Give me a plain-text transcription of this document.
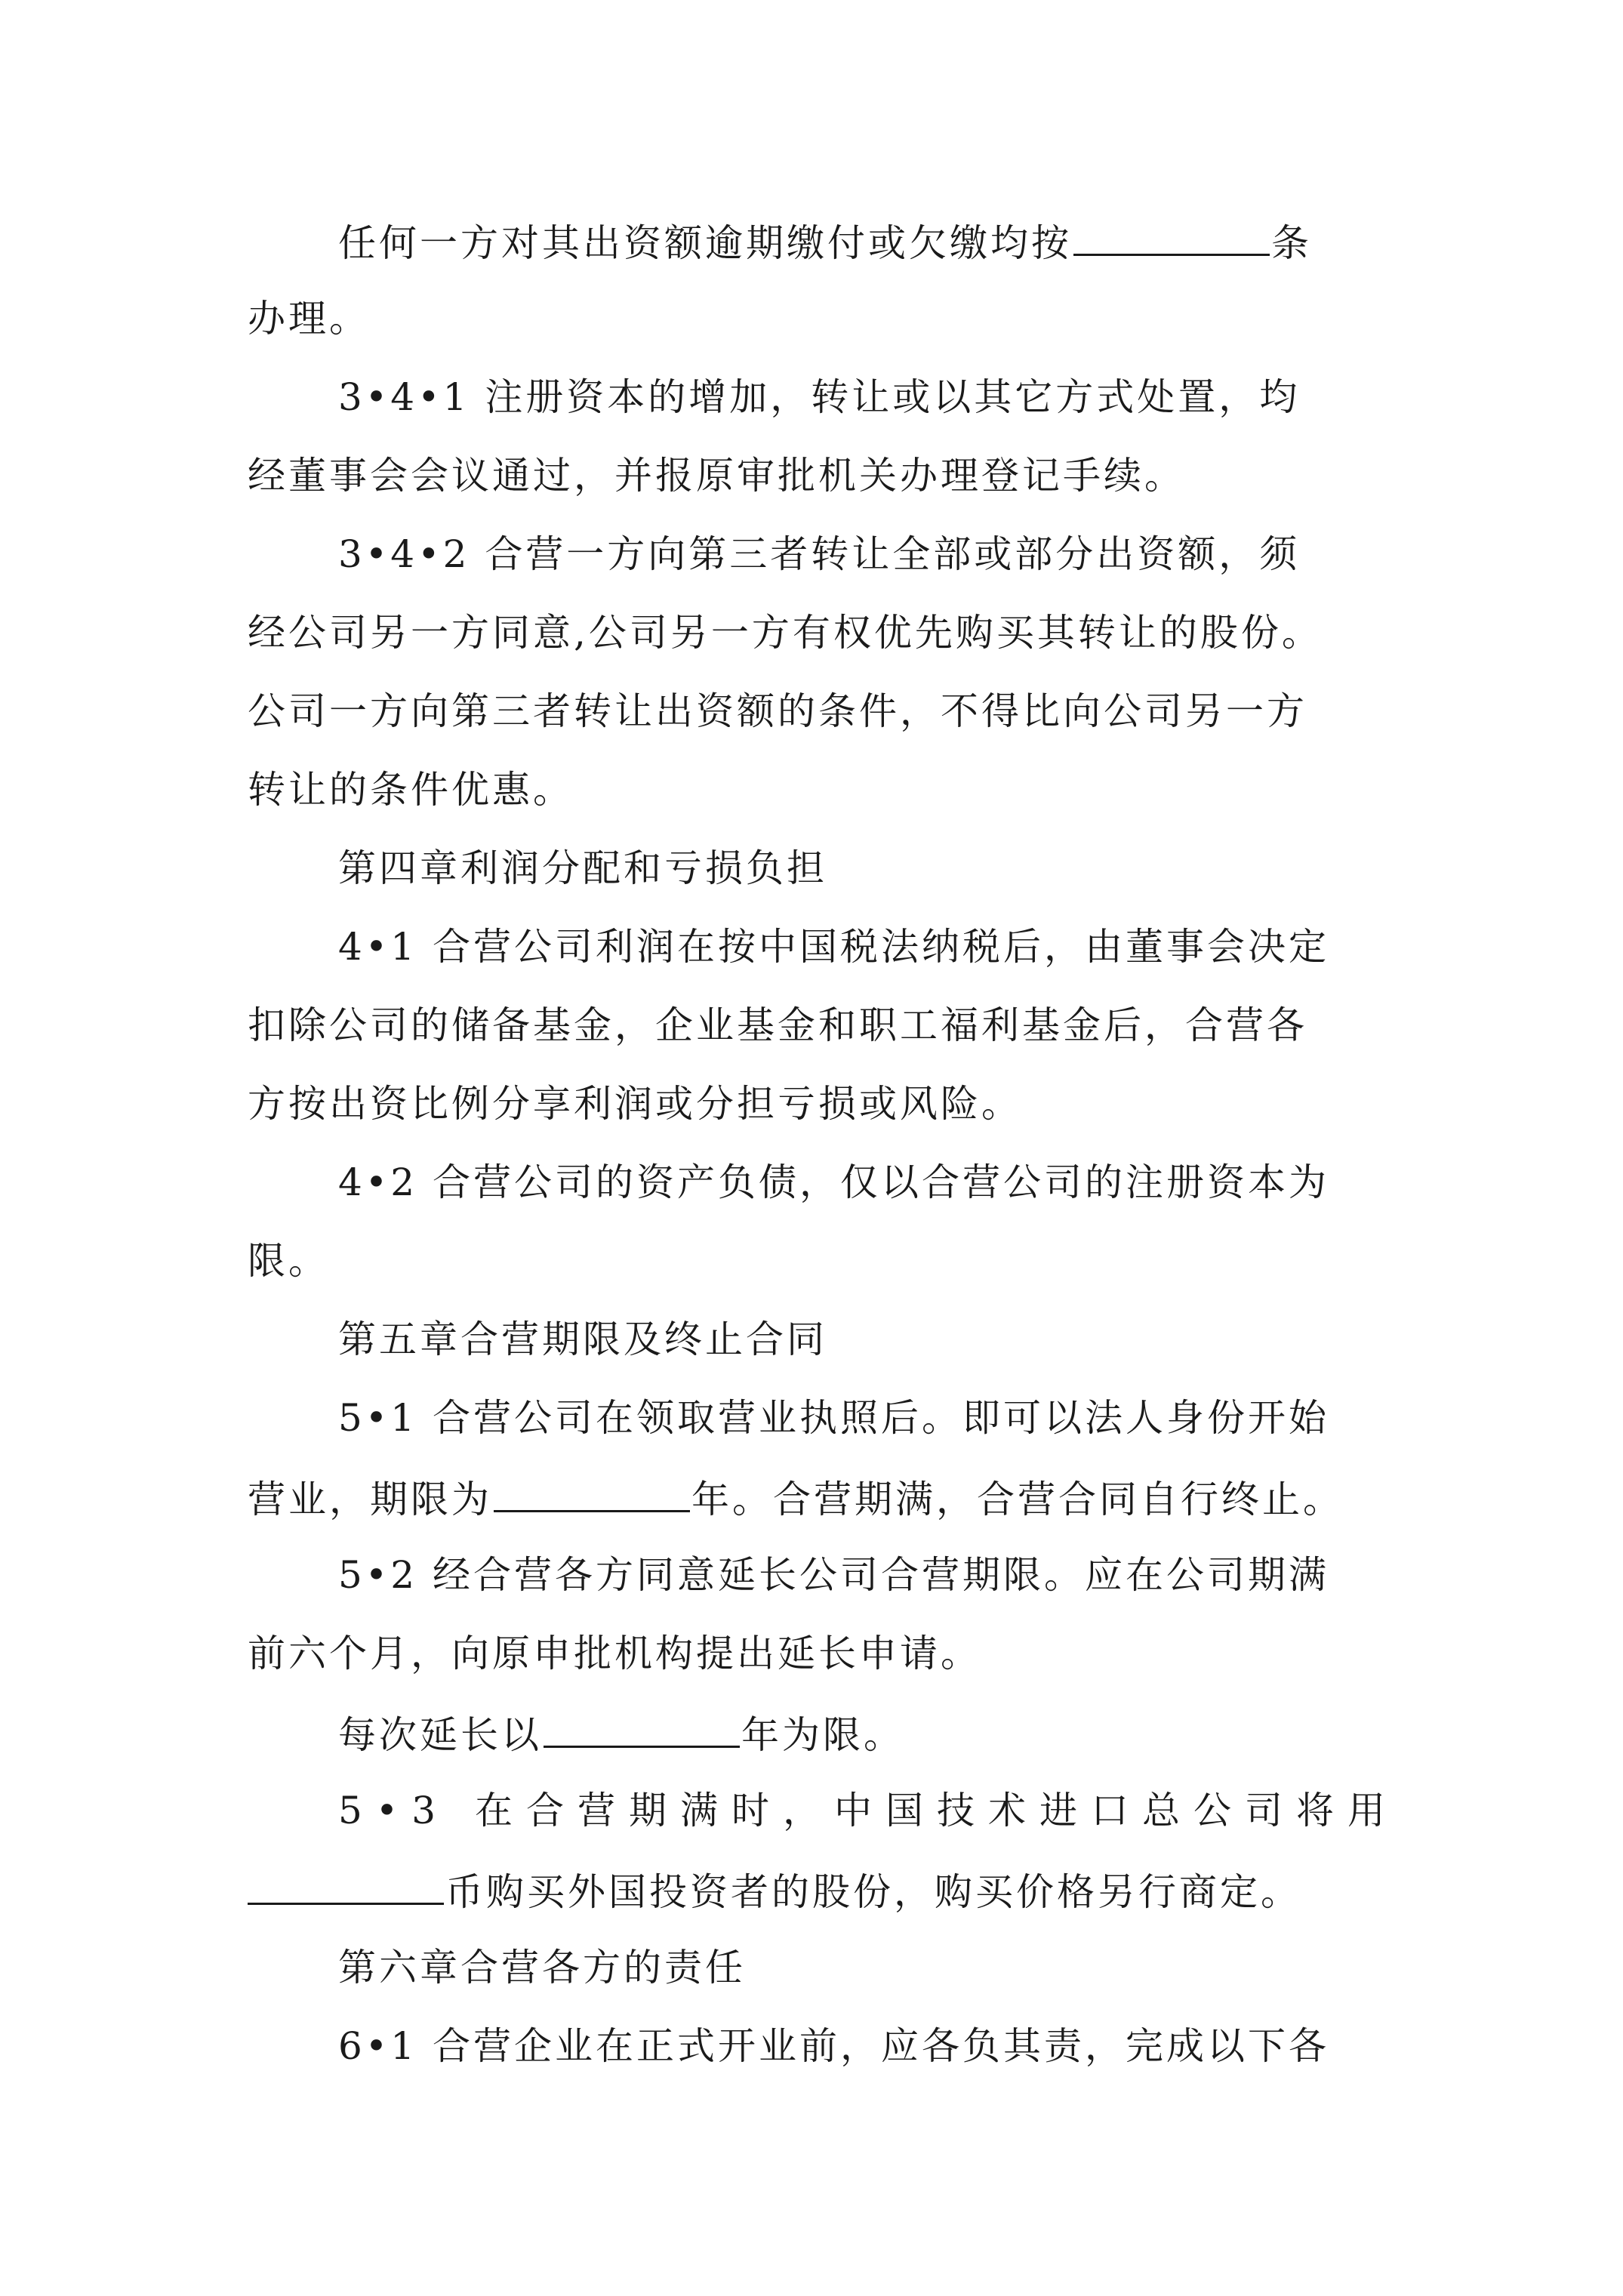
任何一方对其出资额逾期缴付或欠缴均按	条
办理。
3•4•1 注册资本的增加，转让或以其它方式处置，均
经董事会会议通过，并报原审批机关办理登记手续。
3•4•2 合营一方向第三者转让全部或部分出资额，须
经公司另一方同意,公司另一方有权优先购买其转让的股份。
公司一方向第三者转让出资额的条件，不得比向公司另一方
转让的条件优惠。
第四章利润分配和亏损负担
4•1 合营公司利润在按中国税法纳税后，由董事会决定
扣除公司的储备基金，企业基金和职工福利基金后，合营各
方按出资比例分享利润或分担亏损或风险。
4•2 合营公司的资产负债，仅以合营公司的注册资本为
限。
第五章合营期限及终止合同
5•1 合营公司在领取营业执照后。即可以法人身份开始
营业，期限为	年。合营期满，合营合同自行终止。
5•2 经合营各方同意延长公司合营期限。应在公司期满
前六个月，向原申批机构提出延长申请。
每次延长以	年为限。
5•3 在合营期满时，中国技术进口总公司将用
币购买外国投资者的股份，购买价格另行商定。
第六章合营各方的责任
6•1 合营企业在正式开业前，应各负其责，完成以下各
